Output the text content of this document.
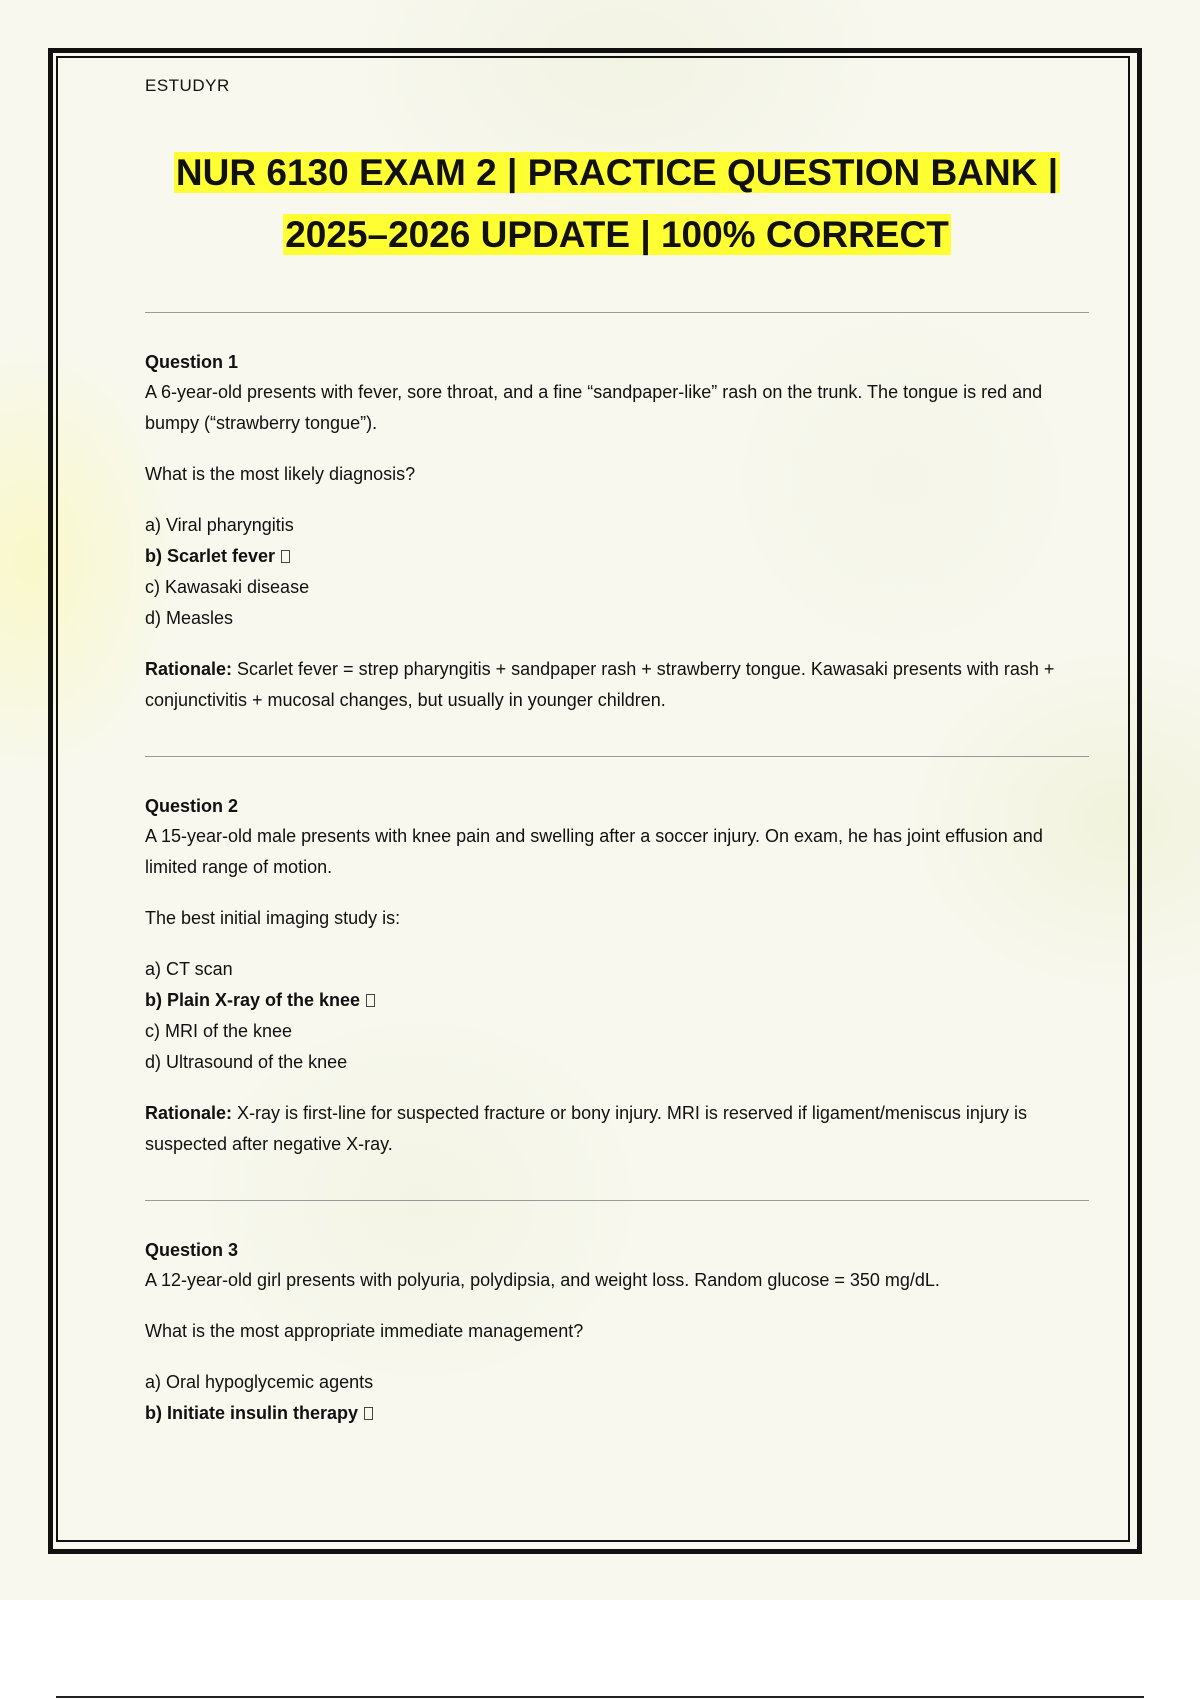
ESTUDYR

NUR 6130 EXAM 2 | PRACTICE QUESTION BANK |

2025–2026 UPDATE | 100% CORRECT

Question 1

A 6-year-old presents with fever, sore throat, and a fine “sandpaper-like” rash on the trunk. The tongue is red and bumpy (“strawberry tongue”).

What is the most likely diagnosis?

a) Viral pharyngitis

b) Scarlet fever

c) Kawasaki disease

d) Measles

Rationale: Scarlet fever = strep pharyngitis + sandpaper rash + strawberry tongue. Kawasaki presents with rash + conjunctivitis + mucosal changes, but usually in younger children.

Question 2

A 15-year-old male presents with knee pain and swelling after a soccer injury. On exam, he has joint effusion and limited range of motion.

The best initial imaging study is:

a) CT scan

b) Plain X-ray of the knee

c) MRI of the knee

d) Ultrasound of the knee

Rationale: X-ray is first-line for suspected fracture or bony injury. MRI is reserved if ligament/meniscus injury is suspected after negative X-ray.

Question 3

A 12-year-old girl presents with polyuria, polydipsia, and weight loss. Random glucose = 350 mg/dL.

What is the most appropriate immediate management?

a) Oral hypoglycemic agents

b) Initiate insulin therapy
